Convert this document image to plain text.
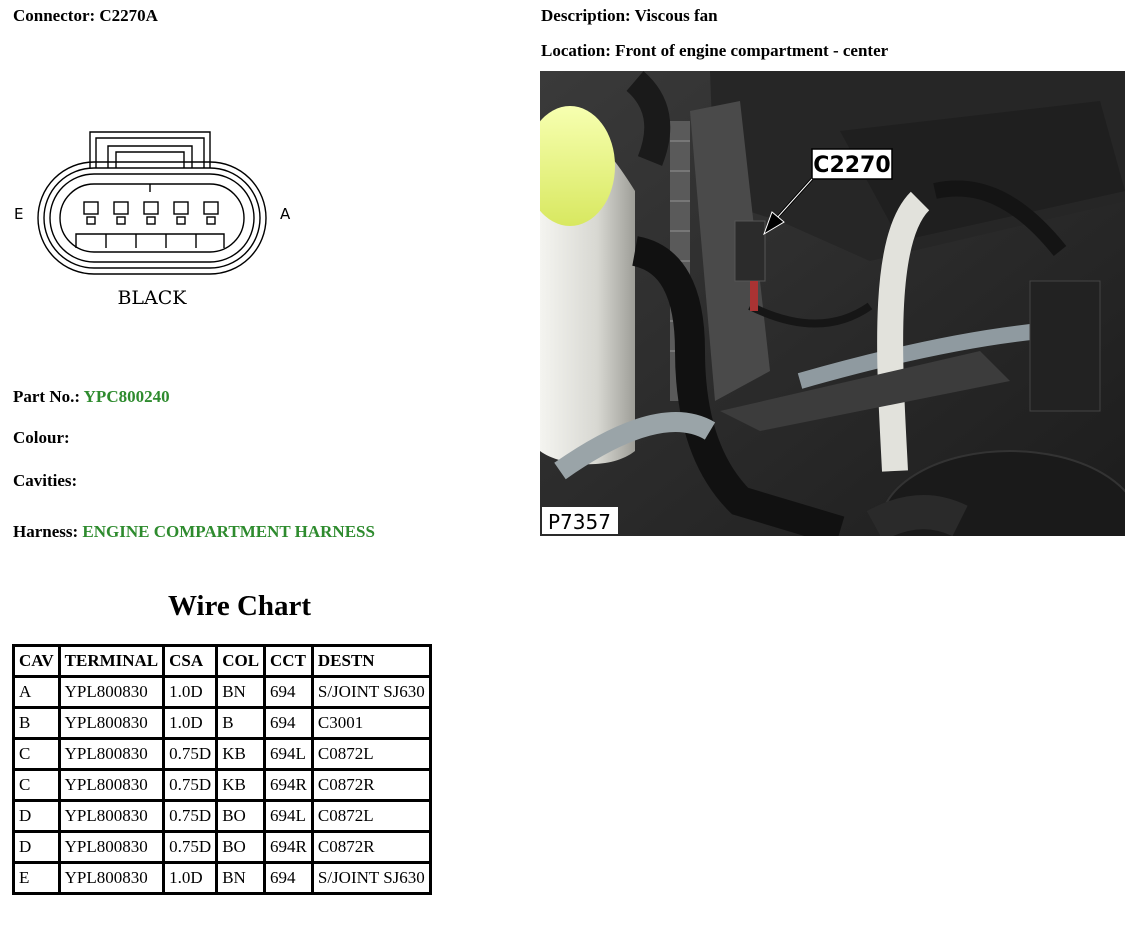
Connector: C2270A	Description: Viscous fan
Location: Front of engine compartment - center
E	A
BLACK
C2270
P7357
Part No.: YPC800240
Colour:
Cavities:
Harness: ENGINE COMPARTMENT HARNESS
Wire Chart
CAV	TERMINAL	CSA	COL	CCT	DESTN
A	YPL800830	1.0D	BN	694	S/JOINT SJ630
B	YPL800830	1.0D	B	694	C3001
C	YPL800830	0.75D	KB	694L	C0872L
C	YPL800830	0.75D	KB	694R	C0872R
D	YPL800830	0.75D	BO	694L	C0872L
D	YPL800830	0.75D	BO	694R	C0872R
E	YPL800830	1.0D	BN	694	S/JOINT SJ630
